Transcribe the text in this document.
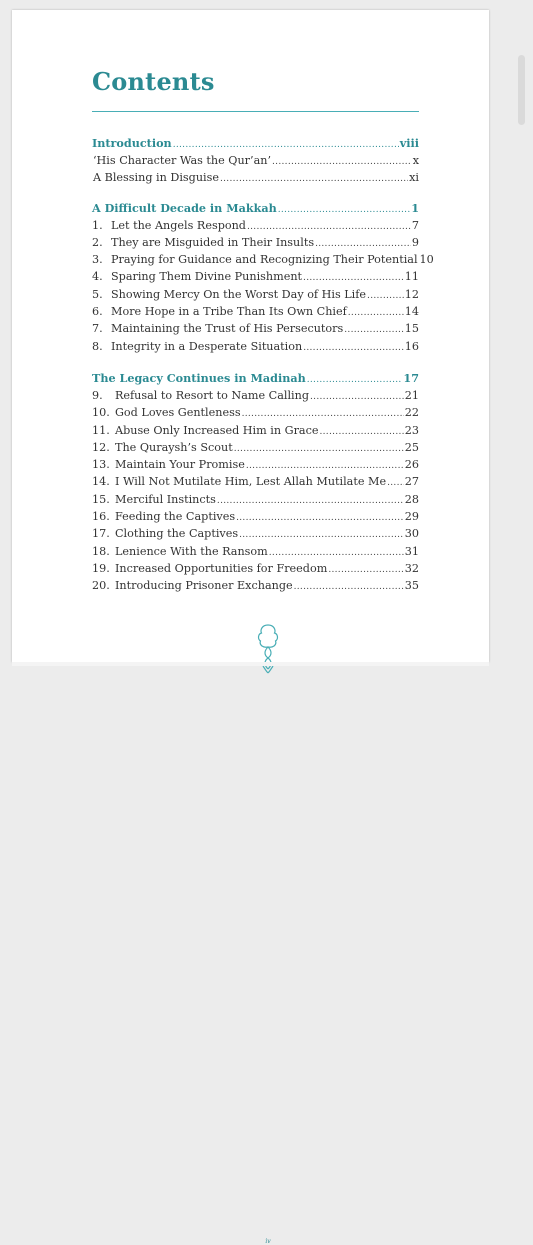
Contents
Introduction .....	viii
‘His Character Was the Qur’an’ .....	x
A Blessing in Disguise .....	xi
A Difficult Decade in Makkah .....	1
1. Let the Angels Respond .....	7
2. They are Misguided in Their Insults .....	9
3. Praying for Guidance and Recognizing Their Potential 10
4. Sparing Them Divine Punishment .....	11
5. Showing Mercy On the Worst Day of His Life .....	12
6. More Hope in a Tribe Than Its Own Chief .....	14
7. Maintaining the Trust of His Persecutors .....	15
8. Integrity in a Desperate Situation .....	16
The Legacy Continues in Madinah .....	17
9.	Refusal to Resort to Name Calling .....	21
10. God Loves Gentleness .....	22
11. Abuse Only Increased Him in Grace .....	23
12. The Quraysh’s Scout .....	25
13. Maintain Your Promise .....	26
14. I Will Not Mutilate Him, Lest Allah Mutilate Me ..... 27
15. Merciful Instincts .....	28
16. Feeding the Captives .....	29
17. Clothing the Captives .....	30
18. Lenience With the Ransom .....	31
19. Increased Opportunities for Freedom .....	32
20. Introducing Prisoner Exchange .....	35
iv
